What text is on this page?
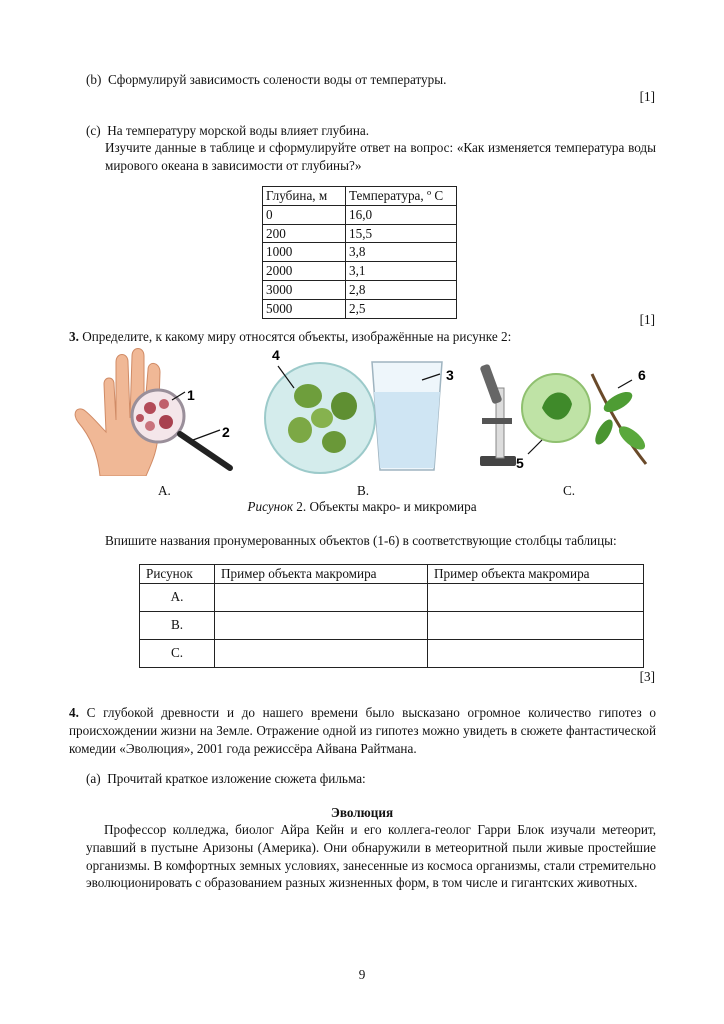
(b) Сформулируй зависимость солености воды от температуры.
[1]
(c) На температуру морской воды влияет глубина.
Изучите данные в таблице и сформулируйте ответ на вопрос: «Как изменяется температура воды мирового океана в зависимости от глубины?»
Глубина, м	Температура, º С
0	16,0
200	15,5
1000	3,8
2000	3,1
3000	2,8
5000	2,5
[1]
3. Определите, к какому миру относятся объекты, изображённые на рисунке 2:
1
2
4
3
5
6
A.	B.	C.
Рисунок 2. Объекты макро- и микромира
Впишите названия пронумерованных объектов (1-6) в соответствующие столбцы таблицы:
Рисунок	Пример объекта макромира	Пример объекта макромира
А.		
B.		
C.		
[3]
4. С глубокой древности и до нашего времени было высказано огромное количество гипотез о происхождении жизни на Земле. Отражение одной из гипотез можно увидеть в сюжете фантастической комедии «Эволюция», 2001 года режиссёра Айвана Райтмана.
(a) Прочитай краткое изложение сюжета фильма:
Эволюция
Профессор колледжа, биолог Айра Кейн и его коллега-геолог Гарри Блок изучали метеорит, упавший в пустыне Аризоны (Америка). Они обнаружили в метеоритной пыли живые простейшие организмы. В комфортных земных условиях, занесенные из космоса организмы, стали стремительно эволюционировать с образованием разных жизненных форм, в том числе и гигантских животных.
9
